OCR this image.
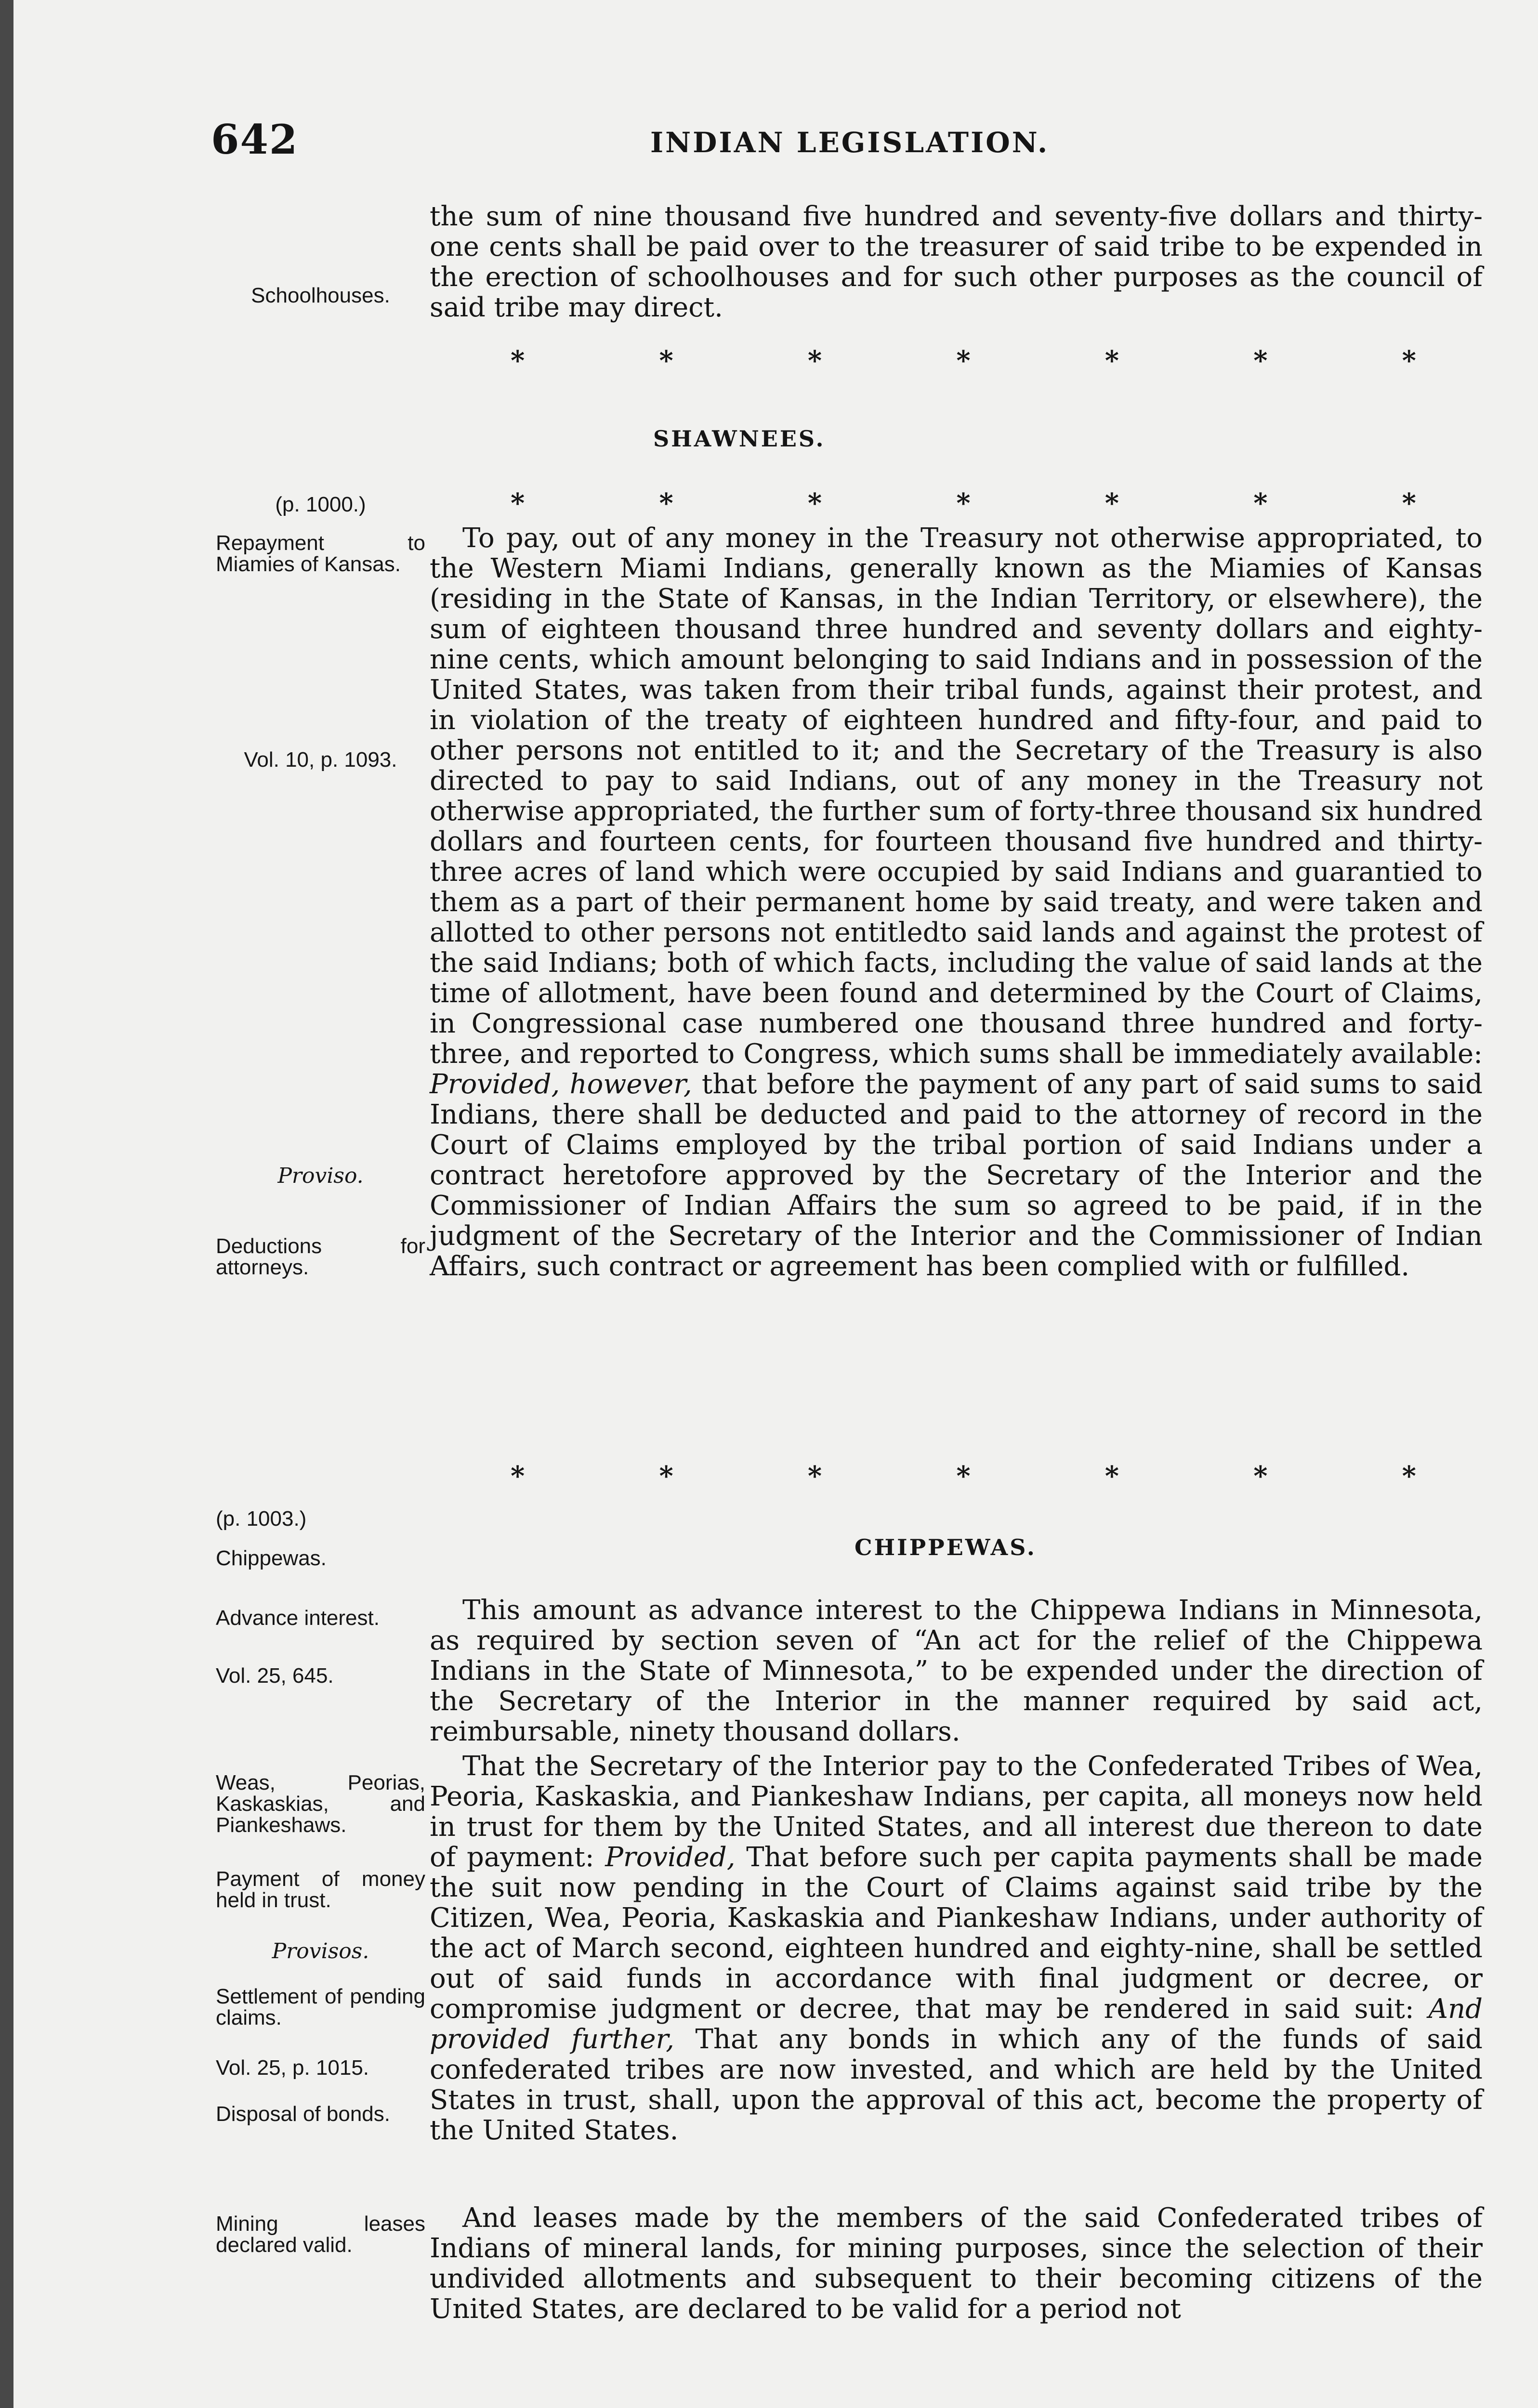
642	INDIAN LEGISLATION.

the sum of nine thousand five hundred and seventy-five dollars and thirty-one cents shall be paid over to the treasurer of said tribe to be expended in the erection of schoolhouses and for such other purposes as the council of said tribe may direct.

*	*	*	*	*	*	*
SHAWNEES.
*	*	*	*	*	*	*

To pay, out of any money in the Treasury not otherwise appropriated, to the Western Miami Indians, generally known as the Miamies of Kansas (residing in the State of Kansas, in the Indian Territory, or elsewhere), the sum of eighteen thousand three hundred and seventy dollars and eighty-nine cents, which amount belonging to said Indians and in possession of the United States, was taken from their tribal funds, against their protest, and in violation of the treaty of eighteen hundred and fifty-four, and paid to other persons not entitled to it; and the Secretary of the Treasury is also directed to pay to said Indians, out of any money in the Treasury not otherwise appropriated, the further sum of forty-three thousand six hundred dollars and fourteen cents, for fourteen thousand five hundred and thirty-three acres of land which were occupied by said Indians and guarantied to them as a part of their permanent home by said treaty, and were taken and allotted to other persons not entitledto said lands and against the protest of the said Indians; both of which facts, including the value of said lands at the time of allotment, have been found and determined by the Court of Claims, in Congressional case numbered one thousand three hundred and forty-three, and reported to Congress, which sums shall be immediately available: Provided, however, that before the payment of any part of said sums to said Indians, there shall be deducted and paid to the attorney of record in the Court of Claims employed by the tribal portion of said Indians under a contract heretofore approved by the Secretary of the Interior and the Commissioner of Indian Affairs the sum so agreed to be paid, if in the judgment of the Secretary of the Interior and the Commissioner of Indian Affairs, such contract or agreement has been complied with or fulfilled.

*	*	*	*	*	*	*
CHIPPEWAS.

This amount as advance interest to the Chippewa Indians in Minnesota, as required by section seven of “An act for the relief of the Chippewa Indians in the State of Minnesota,” to be expended under the direction of the Secretary of the Interior in the manner required by said act, reimbursable, ninety thousand dollars.

That the Secretary of the Interior pay to the Confederated Tribes of Wea, Peoria, Kaskaskia, and Piankeshaw Indians, per capita, all moneys now held in trust for them by the United States, and all interest due thereon to date of payment: Provided, That before such per capita payments shall be made the suit now pending in the Court of Claims against said tribe by the Citizen, Wea, Peoria, Kaskaskia and Piankeshaw Indians, under authority of the act of March second, eighteen hundred and eighty-nine, shall be settled out of said funds in accordance with final judgment or decree, or compromise judgment or decree, that may be rendered in said suit: And provided further, That any bonds in which any of the funds of said confederated tribes are now invested, and which are held by the United States in trust, shall, upon the approval of this act, become the property of the United States.

And leases made by the members of the said Confederated tribes of Indians of mineral lands, for mining purposes, since the selection of their undivided allotments and subsequent to their becoming citizens of the United States, are declared to be valid for a period not

Schoolhouses.
(p. 1000.)
Repayment to Miamies of Kansas.
Vol. 10, p. 1093.
Proviso.
Deductions for attorneys.
(p. 1003.)
Chippewas.
Advance interest.
Vol. 25, 645.
Weas, Peorias, Kaskaskias, and Piankeshaws.
Payment of money held in trust.
Provisos.
Settlement of pending claims.
Vol. 25, p. 1015.
Disposal of bonds.
Mining leases declared valid.
